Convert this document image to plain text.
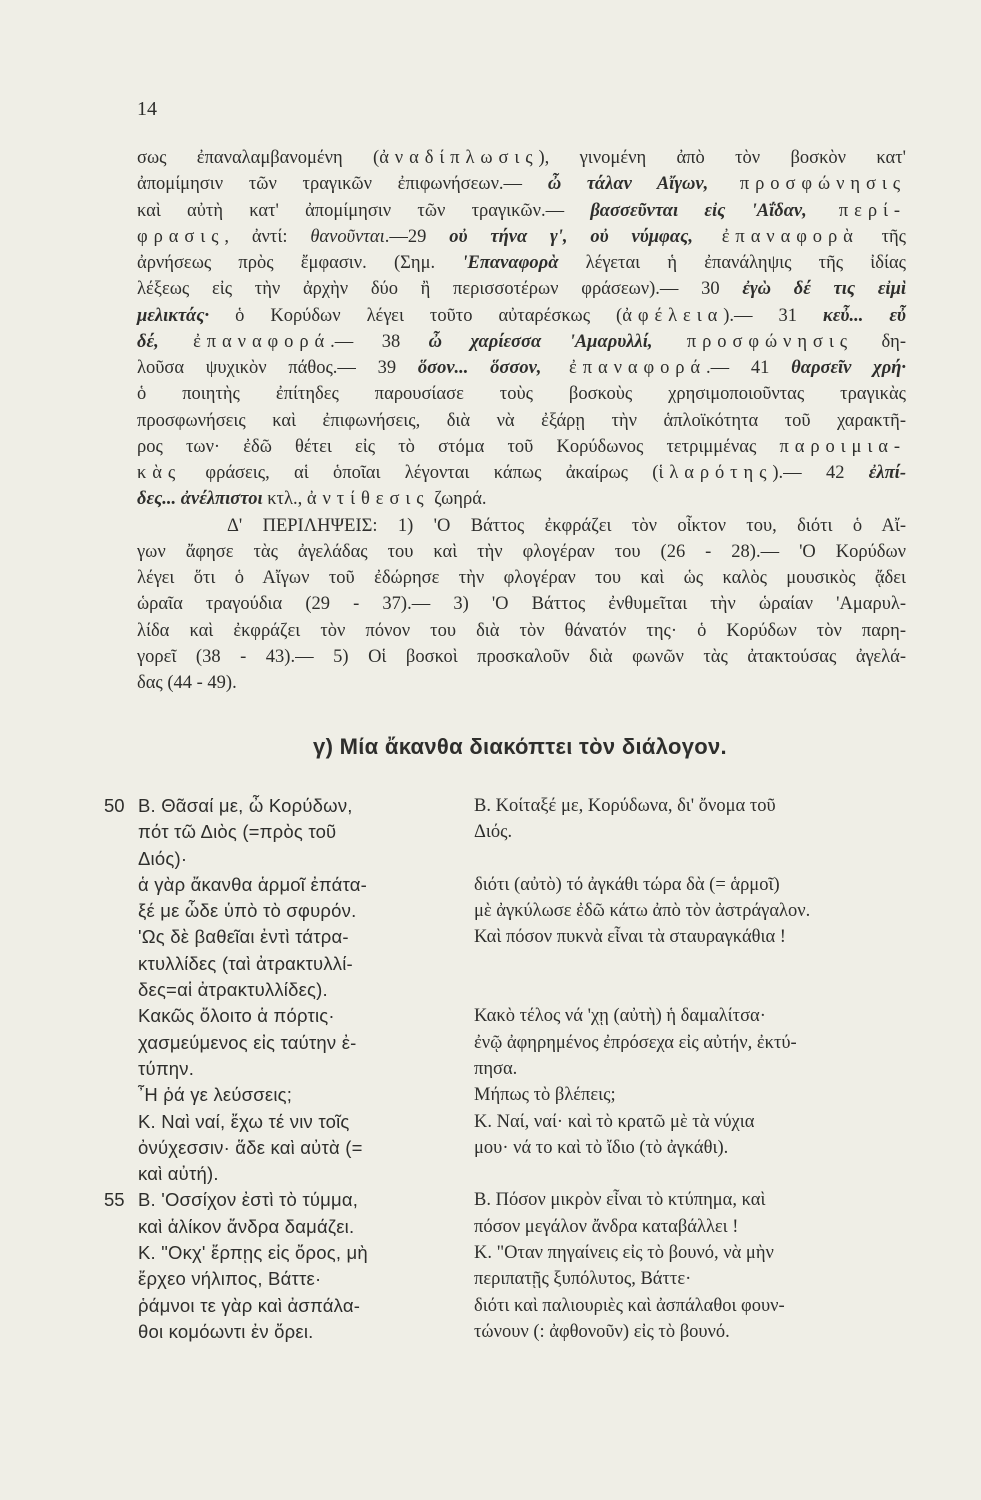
14
σως ἐπαναλαμβανομένη (ἀναδίπλωσις), γινομένη ἀπὸ τὸν βοσκὸν κατ'
ἀπομίμησιν τῶν τραγικῶν ἐπιφωνήσεων.— ὦ τάλαν Αἴγων, προσφώνησις
καὶ αὐτὴ κατ' ἀπομίμησιν τῶν τραγικῶν.— βασσεῦνται εἰς 'Αΐδαν, περί-
φρασις, ἀντί: θανοῦνται.—29 οὐ τήνα γ', οὐ νύμφας, ἐπαναφορὰ τῆς
ἀρνήσεως πρὸς ἔμφασιν. (Σημ. 'Επαναφορὰ λέγεται ἡ ἐπανάληψις τῆς ἰδίας
λέξεως εἰς τὴν ἀρχὴν δύο ἢ περισσοτέρων φράσεων).— 30 ἐγὼ δέ τις εἰμὶ
μελικτάς· ὁ Κορύδων λέγει τοῦτο αὐταρέσκως (ἀφέλεια).— 31 κεὖ... εὖ
δέ, ἐπαναφορά.— 38 ὦ χαρίεσσα 'Αμαρυλλί, προσφώνησις δη-
λοῦσα ψυχικὸν πάθος.— 39 ὅσον... ὅσσον, ἐπαναφορά.— 41 θαρσεῖν χρή·
ὁ ποιητὴς ἐπίτηδες παρουσίασε τοὺς βοσκοὺς χρησιμοποιοῦντας τραγικὰς
προσφωνήσεις καὶ ἐπιφωνήσεις, διὰ νὰ ἐξάρῃ τὴν ἁπλοϊκότητα τοῦ χαρακτῆ-
ρος των· ἐδῶ θέτει εἰς τὸ στόμα τοῦ Κορύδωνος τετριμμένας παροιμια-
κὰς φράσεις, αἱ ὁποῖαι λέγονται κάπως ἀκαίρως (ἱλαρότης).— 42 ἐλπί-
δες... ἀνέλπιστοι κτλ., ἀντίθεσις ζωηρά.
Δ' ΠΕΡΙΛΗΨΕΙΣ: 1) 'Ο Βάττος ἐκφράζει τὸν οἶκτον του, διότι ὁ Αἴ-
γων ἄφησε τὰς ἀγελάδας του καὶ τὴν φλογέραν του (26 - 28).— 'Ο Κορύδων
λέγει ὅτι ὁ Αἴγων τοῦ ἐδώρησε τὴν φλογέραν του καὶ ὡς καλὸς μουσικὸς ᾄδει
ὡραῖα τραγούδια (29 - 37).— 3) 'Ο Βάττος ἐνθυμεῖται τὴν ὡραίαν 'Αμαρυλ-
λίδα καὶ ἐκφράζει τὸν πόνον του διὰ τὸν θάνατόν της· ὁ Κορύδων τὸν παρη-
γορεῖ (38 - 43).— 5) Οἱ βοσκοὶ προσκαλοῦν διὰ φωνῶν τὰς ἀτακτούσας ἀγελά-
δας (44 - 49).
γ) Μία ἄκανθα διακόπτει τὸν διάλογον.
50 Β. Θᾶσαί με, ὦ Κορύδων,	Β. Κοίταξέ με, Κορύδωνα, δι' ὄνομα τοῦ
πότ τῶ Διὸς (=πρὸς τοῦ	Διός.
Διός)·
ἁ γὰρ ἄκανθα ἁρμοῖ ἐπάτα-	διότι (αὐτὸ) τό ἀγκάθι τώρα δὰ (= ἁρμοῖ)
ξέ με ὧδε ὑπὸ τὸ σφυρόν.	μὲ ἀγκύλωσε ἐδῶ κάτω ἀπὸ τὸν ἀστράγαλον.
'Ως δὲ βαθεῖαι ἐντὶ τάτρα-	Καὶ πόσον πυκνὰ εἶναι τὰ σταυραγκάθια !
κτυλλίδες (ταὶ ἀτρακτυλλί-
δες=αἱ ἀτρακτυλλίδες).
Κακῶς ὄλοιτο ἁ πόρτις·	Κακὸ τέλος νά 'χῃ (αὐτὴ) ἡ δαμαλίτσα·
χασμεύμενος εἰς ταύτην ἐ-	ἐνῷ ἀφηρημένος ἐπρόσεχα εἰς αὐτήν, ἐκτύ-
τύπην.	πησα.
῏Η ῥά γε λεύσσεις;	Μήπως τὸ βλέπεις;
Κ. Ναὶ ναί, ἔχω τέ νιν τοῖς	Κ. Ναί, ναί· καὶ τὸ κρατῶ μὲ τὰ νύχια
ὀνύχεσσιν· ἅδε καὶ αὐτὰ (=	μου· νά το καὶ τὸ ἴδιο (τὸ ἀγκάθι).
καὶ αὐτή).
55 Β. 'Οσσίχον ἐστὶ τὸ τύμμα,	Β. Πόσον μικρὸν εἶναι τὸ κτύπημα, καὶ
καὶ ἁλίκον ἄνδρα δαμάζει.	πόσον μεγάλον ἄνδρα καταβάλλει !
Κ. "Οκχ' ἔρπῃς εἰς ὄρος, μὴ	Κ. "Οταν πηγαίνεις εἰς τὸ βουνό, νὰ μὴν
ἔρχεο νήλιπος, Βάττε·	περιπατῇς ξυπόλυτος, Βάττε·
ῥάμνοι τε γὰρ καὶ ἀσπάλα-	διότι καὶ παλιουριὲς καὶ ἀσπάλαθοι φουν-
θοι κομόωντι ἐν ὄρει.	τώνουν (: ἀφθονοῦν) εἰς τὸ βουνό.
